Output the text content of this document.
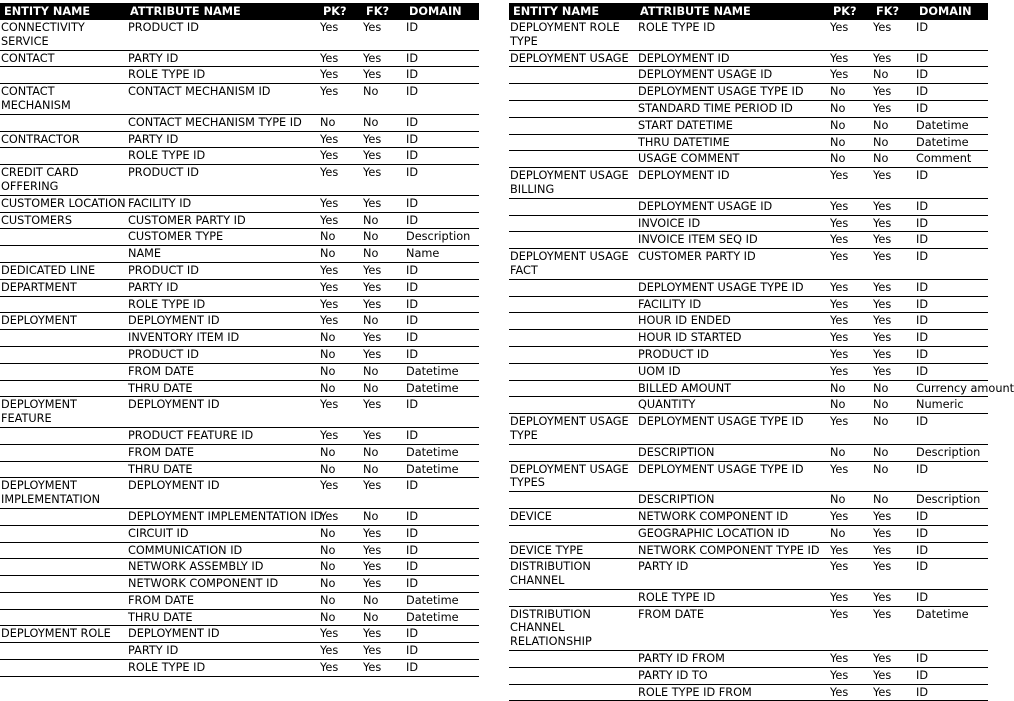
ENTITY NAME	ATTRIBUTE NAME	PK?	FK?	DOMAIN
CONNECTIVITY SERVICE	PRODUCT ID	Yes	Yes	ID
CONTACT	PARTY ID	Yes	Yes	ID
	ROLE TYPE ID	Yes	Yes	ID
CONTACT MECHANISM	CONTACT MECHANISM ID	Yes	No	ID
	CONTACT MECHANISM TYPE ID	No	No	ID
CONTRACTOR	PARTY ID	Yes	Yes	ID
	ROLE TYPE ID	Yes	Yes	ID
CREDIT CARD OFFERING	PRODUCT ID	Yes	Yes	ID
CUSTOMER LOCATION	FACILITY ID	Yes	Yes	ID
CUSTOMERS	CUSTOMER PARTY ID	Yes	No	ID
	CUSTOMER TYPE	No	No	Description
	NAME	No	No	Name
DEDICATED LINE	PRODUCT ID	Yes	Yes	ID
DEPARTMENT	PARTY ID	Yes	Yes	ID
	ROLE TYPE ID	Yes	Yes	ID
DEPLOYMENT	DEPLOYMENT ID	Yes	No	ID
	INVENTORY ITEM ID	No	Yes	ID
	PRODUCT ID	No	Yes	ID
	FROM DATE	No	No	Datetime
	THRU DATE	No	No	Datetime
DEPLOYMENT FEATURE	DEPLOYMENT ID	Yes	Yes	ID
	PRODUCT FEATURE ID	Yes	Yes	ID
	FROM DATE	No	No	Datetime
	THRU DATE	No	No	Datetime
DEPLOYMENT IMPLEMENTATION	DEPLOYMENT ID	Yes	Yes	ID
	DEPLOYMENT IMPLEMENTATION ID	Yes	No	ID
	CIRCUIT ID	No	Yes	ID
	COMMUNICATION ID	No	Yes	ID
	NETWORK ASSEMBLY ID	No	Yes	ID
	NETWORK COMPONENT ID	No	Yes	ID
	FROM DATE	No	No	Datetime
	THRU DATE	No	No	Datetime
DEPLOYMENT ROLE	DEPLOYMENT ID	Yes	Yes	ID
	PARTY ID	Yes	Yes	ID
	ROLE TYPE ID	Yes	Yes	ID
ENTITY NAME	ATTRIBUTE NAME	PK?	FK?	DOMAIN
DEPLOYMENT ROLE TYPE	ROLE TYPE ID	Yes	Yes	ID
DEPLOYMENT USAGE	DEPLOYMENT ID	Yes	Yes	ID
	DEPLOYMENT USAGE ID	Yes	No	ID
	DEPLOYMENT USAGE TYPE ID	No	Yes	ID
	STANDARD TIME PERIOD ID	No	Yes	ID
	START DATETIME	No	No	Datetime
	THRU DATETIME	No	No	Datetime
	USAGE COMMENT	No	No	Comment
DEPLOYMENT USAGE BILLING	DEPLOYMENT ID	Yes	Yes	ID
	DEPLOYMENT USAGE ID	Yes	Yes	ID
	INVOICE ID	Yes	Yes	ID
	INVOICE ITEM SEQ ID	Yes	Yes	ID
DEPLOYMENT USAGE FACT	CUSTOMER PARTY ID	Yes	Yes	ID
	DEPLOYMENT USAGE TYPE ID	Yes	Yes	ID
	FACILITY ID	Yes	Yes	ID
	HOUR ID ENDED	Yes	Yes	ID
	HOUR ID STARTED	Yes	Yes	ID
	PRODUCT ID	Yes	Yes	ID
	UOM ID	Yes	Yes	ID
	BILLED AMOUNT	No	No	Currency amount
	QUANTITY	No	No	Numeric
DEPLOYMENT USAGE TYPE	DEPLOYMENT USAGE TYPE ID	Yes	No	ID
	DESCRIPTION	No	No	Description
DEPLOYMENT USAGE TYPES	DEPLOYMENT USAGE TYPE ID	Yes	No	ID
	DESCRIPTION	No	No	Description
DEVICE	NETWORK COMPONENT ID	Yes	Yes	ID
	GEOGRAPHIC LOCATION ID	No	Yes	ID
DEVICE TYPE	NETWORK COMPONENT TYPE ID	Yes	Yes	ID
DISTRIBUTION CHANNEL	PARTY ID	Yes	Yes	ID
	ROLE TYPE ID	Yes	Yes	ID
DISTRIBUTION CHANNEL RELATIONSHIP	FROM DATE	Yes	Yes	Datetime
	PARTY ID FROM	Yes	Yes	ID
	PARTY ID TO	Yes	Yes	ID
	ROLE TYPE ID FROM	Yes	Yes	ID
